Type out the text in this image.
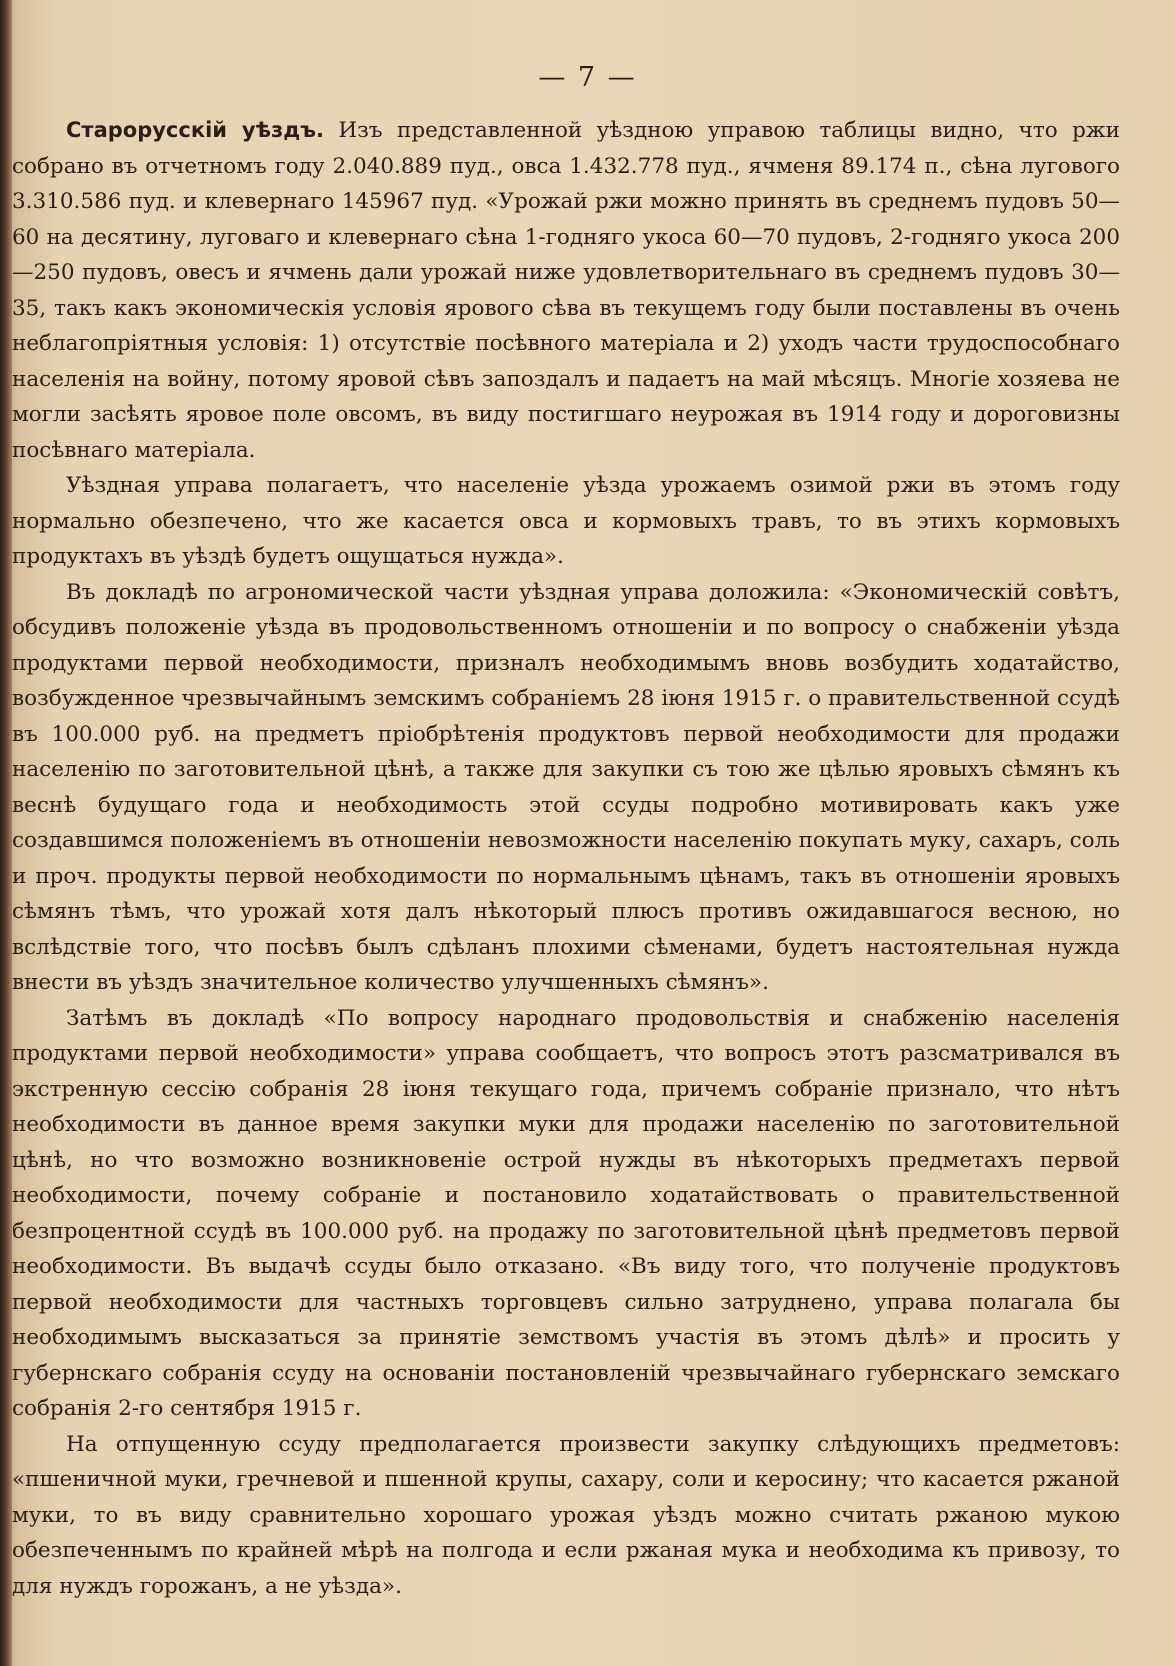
— 7 —

Старорусскій уѣздъ. Изъ представленной уѣздною управою таблицы видно, что ржи собрано въ отчетномъ году 2.040.889 пуд., овса 1.432.778 пуд., ячменя 89.174 п., сѣна лугового 3.310.586 пуд. и клевернаго 145967 пуд. «Урожай ржи можно принять въ среднемъ пудовъ 50—60 на десятину, луговаго и клевернаго сѣна 1-годняго укоса 60—70 пудовъ, 2-годняго укоса 200—250 пудовъ, овесъ и ячмень дали урожай ниже удовлетворительнаго въ среднемъ пудовъ 30—35, такъ какъ экономическія условія ярового сѣва въ текущемъ году были поставлены въ очень неблагопріятныя условія: 1) отсутствіе посѣвного матеріала и 2) уходъ части трудоспособнаго населенія на войну, потому яровой сѣвъ запоздалъ и падаетъ на май мѣсяцъ. Многіе хозяева не могли засѣять яровое поле овсомъ, въ виду постигшаго неурожая въ 1914 году и дороговизны посѣвнаго матеріала.

Уѣздная управа полагаетъ, что населеніе уѣзда урожаемъ озимой ржи въ этомъ году нормально обезпечено, что же касается овса и кормовыхъ травъ, то въ этихъ кормовыхъ продуктахъ въ уѣздѣ будетъ ощущаться нужда».

Въ докладѣ по агрономической части уѣздная управа доложила: «Экономическій совѣтъ, обсудивъ положеніе уѣзда въ продовольственномъ отношеніи и по вопросу о снабженіи уѣзда продуктами первой необходимости, призналъ необходимымъ вновь возбудить ходатайство, возбужденное чрезвычайнымъ земскимъ собраніемъ 28 іюня 1915 г. о правительственной ссудѣ въ 100.000 руб. на предметъ пріобрѣтенія продуктовъ первой необходимости для продажи населенію по заготовительной цѣнѣ, а также для закупки съ тою же цѣлью яровыхъ сѣмянъ къ веснѣ будущаго года и необходимость этой ссуды подробно мотивировать какъ уже создавшимся положеніемъ въ отношеніи невозможности населенію покупать муку, сахаръ, соль и проч. продукты первой необходимости по нормальнымъ цѣнамъ, такъ въ отношеніи яровыхъ сѣмянъ тѣмъ, что урожай хотя далъ нѣкоторый плюсъ противъ ожидавшагося весною, но вслѣдствіе того, что посѣвъ былъ сдѣланъ плохими сѣменами, будетъ настоятельная нужда внести въ уѣздъ значительное количество улучшенныхъ сѣмянъ».

Затѣмъ въ докладѣ «По вопросу народнаго продовольствія и снабженію населенія продуктами первой необходимости» управа сообщаетъ, что вопросъ этотъ разсматривался въ экстренную сессію собранія 28 іюня текущаго года, причемъ собраніе признало, что нѣтъ необходимости въ данное время закупки муки для продажи населенію по заготовительной цѣнѣ, но что возможно возникновеніе острой нужды въ нѣкоторыхъ предметахъ первой необходимости, почему собраніе и постановило ходатайствовать о правительственной безпроцентной ссудѣ въ 100.000 руб. на продажу по заготовительной цѣнѣ предметовъ первой необходимости. Въ выдачѣ ссуды было отказано. «Въ виду того, что полученіе продуктовъ первой необходимости для частныхъ торговцевъ сильно затруднено, управа полагала бы необходимымъ высказаться за принятіе земствомъ участія въ этомъ дѣлѣ» и просить у губернскаго собранія ссуду на основаніи постановленій чрезвычайнаго губернскаго земскаго собранія 2-го сентября 1915 г.

На отпущенную ссуду предполагается произвести закупку слѣдующихъ предметовъ: «пшеничной муки, гречневой и пшенной крупы, сахару, соли и керосину; что касается ржаной муки, то въ виду сравнительно хорошаго урожая уѣздъ можно считать ржаною мукою обезпеченнымъ по крайней мѣрѣ на полгода и если ржаная мука и необходима къ привозу, то для нуждъ горожанъ, а не уѣзда».
